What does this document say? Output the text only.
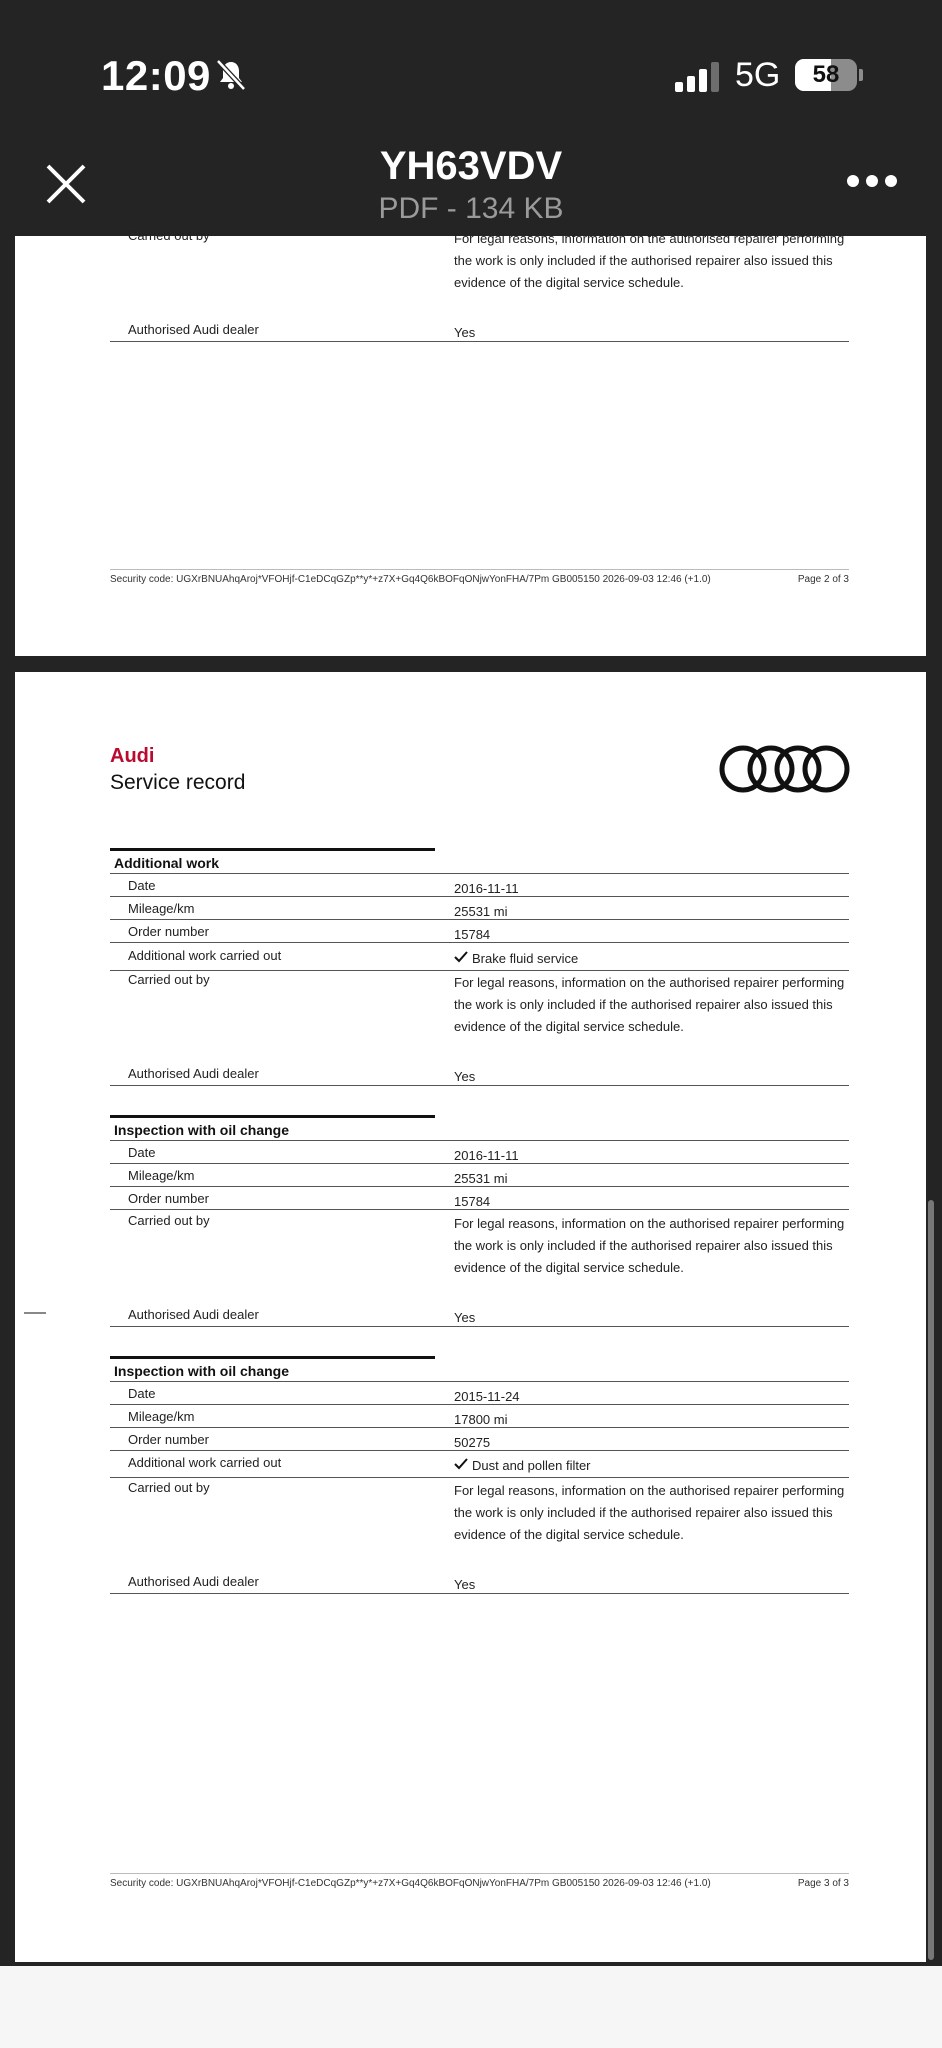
12:09	5G	58
YH63VDV
PDF - 134 KB
Carried out by	For legal reasons, information on the authorised repairer performing the work is only included if the authorised repairer also issued this evidence of the digital service schedule.
Authorised Audi dealer	Yes
Security code: UGXrBNUAhqAroj*VFOHjf-C1eDCqGZp**y*+z7X+Gq4Q6kBOFqONjwYonFHA/7Pm GB005150 2026-09-03 12:46 (+1.0)	Page 2 of 3
Audi
Service record
Additional work
Date	2016-11-11
Mileage/km	25531 mi
Order number	15784
Additional work carried out	Brake fluid service
Carried out by	For legal reasons, information on the authorised repairer performing the work is only included if the authorised repairer also issued this evidence of the digital service schedule.
Authorised Audi dealer	Yes
Inspection with oil change
Date	2016-11-11
Mileage/km	25531 mi
Order number	15784
Carried out by	For legal reasons, information on the authorised repairer performing the work is only included if the authorised repairer also issued this evidence of the digital service schedule.
Authorised Audi dealer	Yes
Inspection with oil change
Date	2015-11-24
Mileage/km	17800 mi
Order number	50275
Additional work carried out	Dust and pollen filter
Carried out by	For legal reasons, information on the authorised repairer performing the work is only included if the authorised repairer also issued this evidence of the digital service schedule.
Authorised Audi dealer	Yes
Security code: UGXrBNUAhqAroj*VFOHjf-C1eDCqGZp**y*+z7X+Gq4Q6kBOFqONjwYonFHA/7Pm GB005150 2026-09-03 12:46 (+1.0)	Page 3 of 3
